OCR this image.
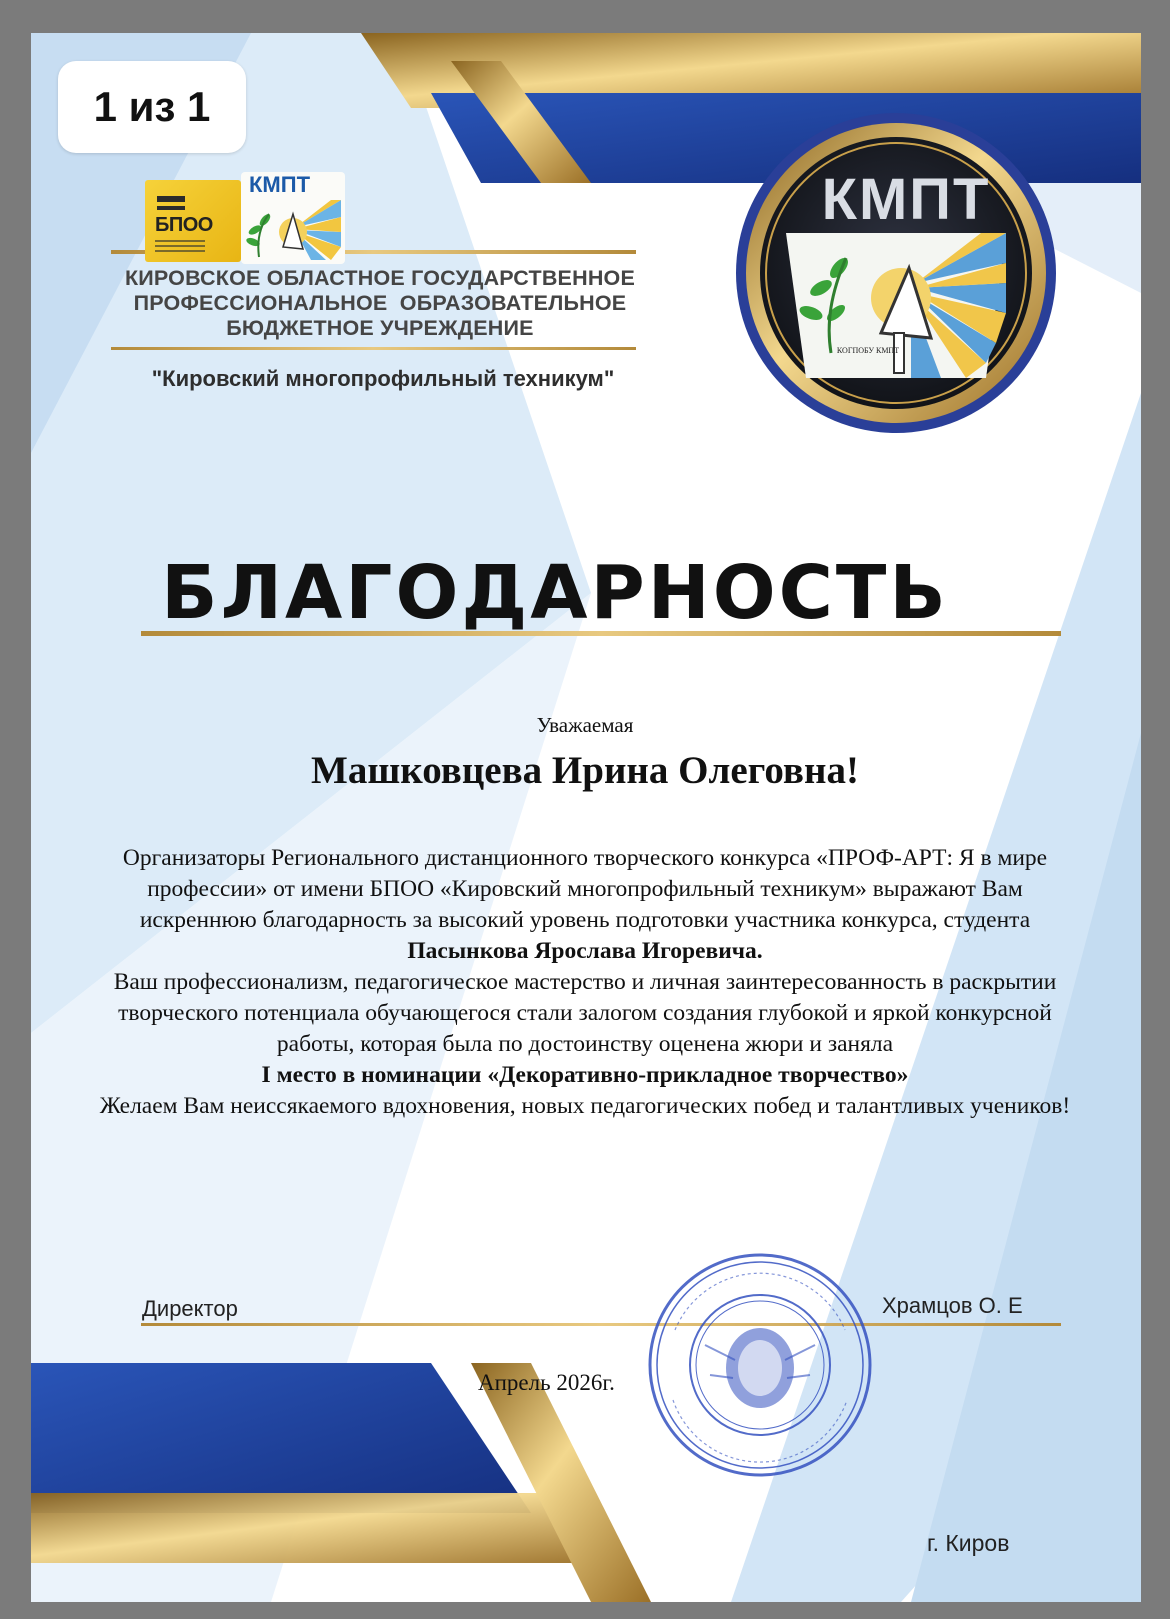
БПОО
КМПТ	КМПТ
КОГПОБУ КМПТ
1 из 1
КИРОВСКОЕ ОБЛАСТНОЕ ГОСУДАРСТВЕННОЕ
ПРОФЕССИОНАЛЬНОЕ  ОБРАЗОВАТЕЛЬНОЕ
БЮДЖЕТНОЕ УЧРЕЖДЕНИЕ
"Кировский многопрофильный техникум"
БЛАГОДАРНОСТЬ
Уважаемая
Машковцева Ирина Олеговна!
Организаторы Регионального дистанционного творческого конкурса «ПРОФ-АРТ: Я в мире профессии» от имени БПОО «Кировский многопрофильный техникум» выражают Вам искреннюю благодарность за высокий уровень подготовки участника конкурса, студента Пасынкова Ярослава Игоревича.
Ваш профессионализм, педагогическое мастерство и личная заинтересованность в раскрытии творческого потенциала обучающегося стали залогом создания глубокой и яркой конкурсной работы, которая была по достоинству оценена жюри и заняла
I место в номинации «Декоративно-прикладное творчество»
Желаем Вам неиссякаемого вдохновения, новых педагогических побед и талантливых учеников!
Директор	Храмцов О. Е
Апрель 2026г.
г. Киров
